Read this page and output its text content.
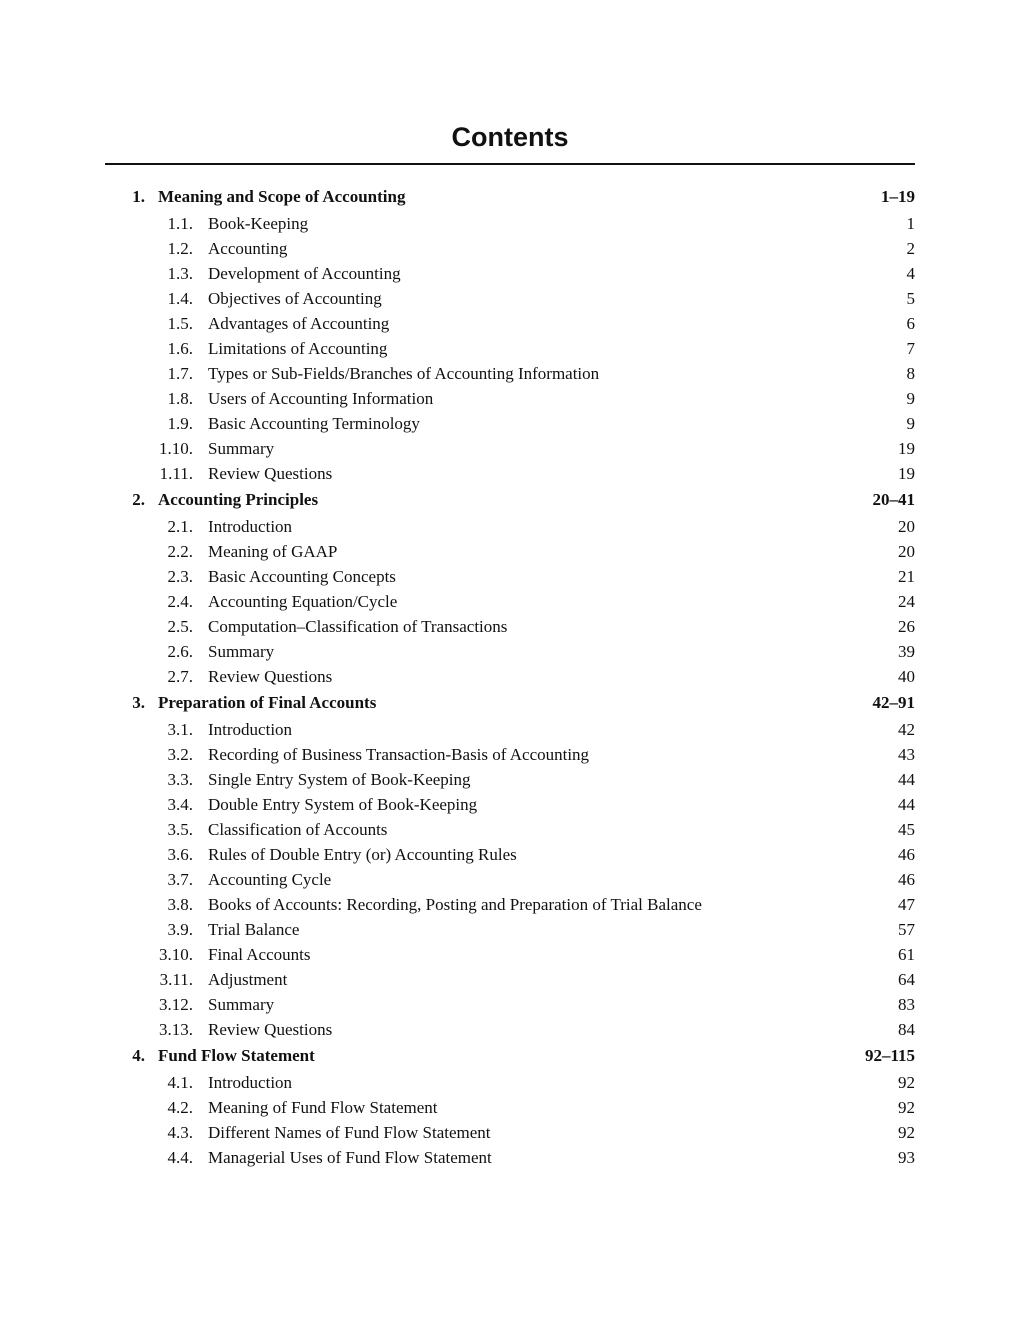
Contents
1. Meaning and Scope of Accounting	1–19
1.1. Book-Keeping	1
1.2. Accounting	2
1.3. Development of Accounting	4
1.4. Objectives of Accounting	5
1.5. Advantages of Accounting	6
1.6. Limitations of Accounting	7
1.7. Types or Sub-Fields/Branches of Accounting Information	8
1.8. Users of Accounting Information	9
1.9. Basic Accounting Terminology	9
1.10. Summary	19
1.11. Review Questions	19
2. Accounting Principles	20–41
2.1. Introduction	20
2.2. Meaning of GAAP	20
2.3. Basic Accounting Concepts	21
2.4. Accounting Equation/Cycle	24
2.5. Computation–Classification of Transactions	26
2.6. Summary	39
2.7. Review Questions	40
3. Preparation of Final Accounts	42–91
3.1. Introduction	42
3.2. Recording of Business Transaction-Basis of Accounting	43
3.3. Single Entry System of Book-Keeping	44
3.4. Double Entry System of Book-Keeping	44
3.5. Classification of Accounts	45
3.6. Rules of Double Entry (or) Accounting Rules	46
3.7. Accounting Cycle	46
3.8. Books of Accounts: Recording, Posting and Preparation of Trial Balance	47
3.9. Trial Balance	57
3.10. Final Accounts	61
3.11. Adjustment	64
3.12. Summary	83
3.13. Review Questions	84
4. Fund Flow Statement	92–115
4.1. Introduction	92
4.2. Meaning of Fund Flow Statement	92
4.3. Different Names of Fund Flow Statement	92
4.4. Managerial Uses of Fund Flow Statement	93
